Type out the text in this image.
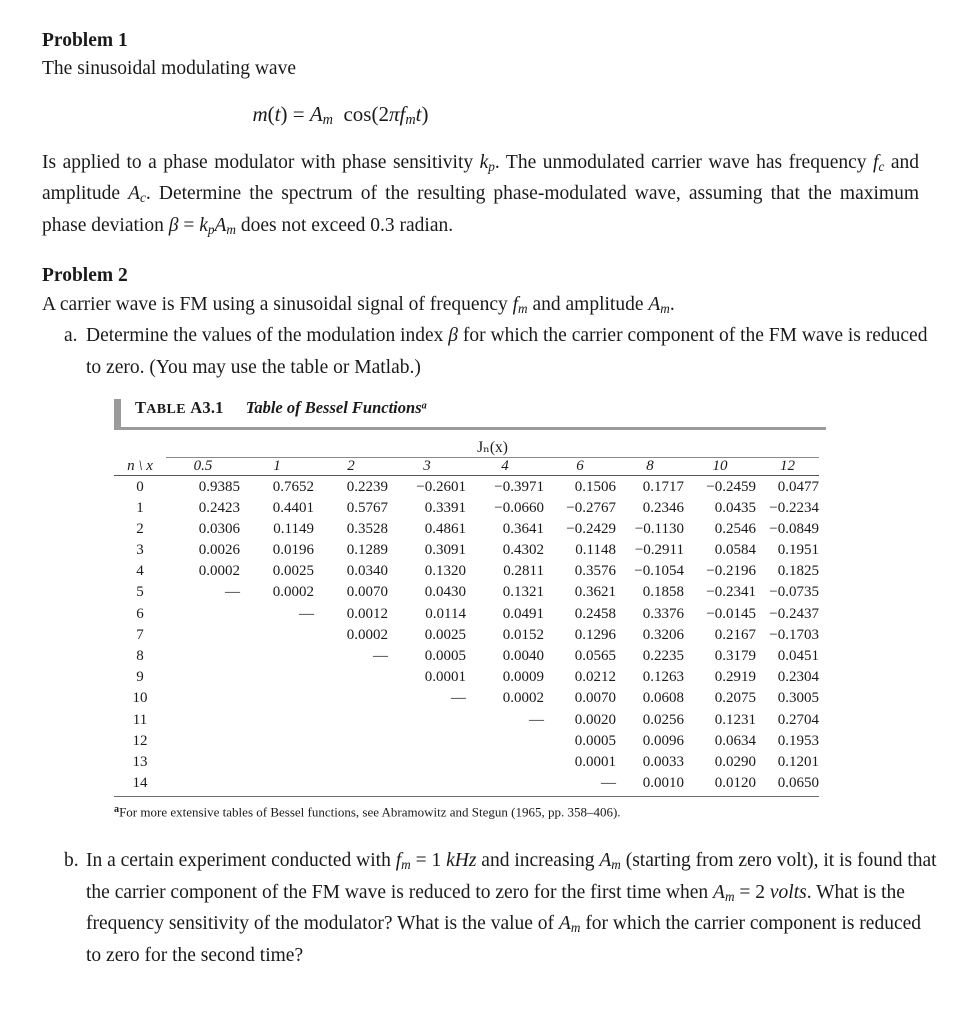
Problem 1
The sinusoidal modulating wave
$m(t) = A_m$  $\cos(2\pi f_mt)$

Is applied to a phase modulator with phase sensitivity $k_p$. The unmodulated carrier wave has frequency $f_c$ and amplitude $A_c$. Determine the spectrum of the resulting phase-modulated wave, assuming that the maximum phase deviation $\beta = k_pA_m$ does not exceed 0.3 radian.

Problem 2
A carrier wave is FM using a sinusoidal signal of frequency $f_m$ and amplitude $A_m$.
a. Determine the values of the modulation index β for which the carrier component of the FM wave is reduced to zero. (You may use the table or Matlab.)
TABLE A3.1 Table of Bessel Functions$^a$
	Jₙ(x)								
n \ x	0.5	1	2	3	4	6	8	10	12
0	0.9385	0.7652	0.2239	−0.2601	−0.3971	0.1506	0.1717	−0.2459	0.0477
1	0.2423	0.4401	0.5767	0.3391	−0.0660	−0.2767	0.2346	0.0435	−0.2234
2	0.0306	0.1149	0.3528	0.4861	0.3641	−0.2429	−0.1130	0.2546	−0.0849
3	0.0026	0.0196	0.1289	0.3091	0.4302	0.1148	−0.2911	0.0584	0.1951
4	0.0002	0.0025	0.0340	0.1320	0.2811	0.3576	−0.1054	−0.2196	0.1825
5	—	0.0002	0.0070	0.0430	0.1321	0.3621	0.1858	−0.2341	−0.0735
6		—	0.0012	0.0114	0.0491	0.2458	0.3376	−0.0145	−0.2437
7			0.0002	0.0025	0.0152	0.1296	0.3206	0.2167	−0.1703
8			—	0.0005	0.0040	0.0565	0.2235	0.3179	0.0451
9				0.0001	0.0009	0.0212	0.1263	0.2919	0.2304
10				—	0.0002	0.0070	0.0608	0.2075	0.3005
11					—	0.0020	0.0256	0.1231	0.2704
12						0.0005	0.0096	0.0634	0.1953
13						0.0001	0.0033	0.0290	0.1201
14						—	0.0010	0.0120	0.0650
$^a$For more extensive tables of Bessel functions, see Abramowitz and Stegun (1965, pp. 358–406).
b. In a certain experiment conducted with $f_m = 1$ kHz and increasing $A_m$ (starting from zero volt), it is found that the carrier component of the FM wave is reduced to zero for the first time when $A_m = 2$ volts. What is the frequency sensitivity of the modulator? What is the value of $A_m$ for which the carrier component is reduced to zero for the second time?
